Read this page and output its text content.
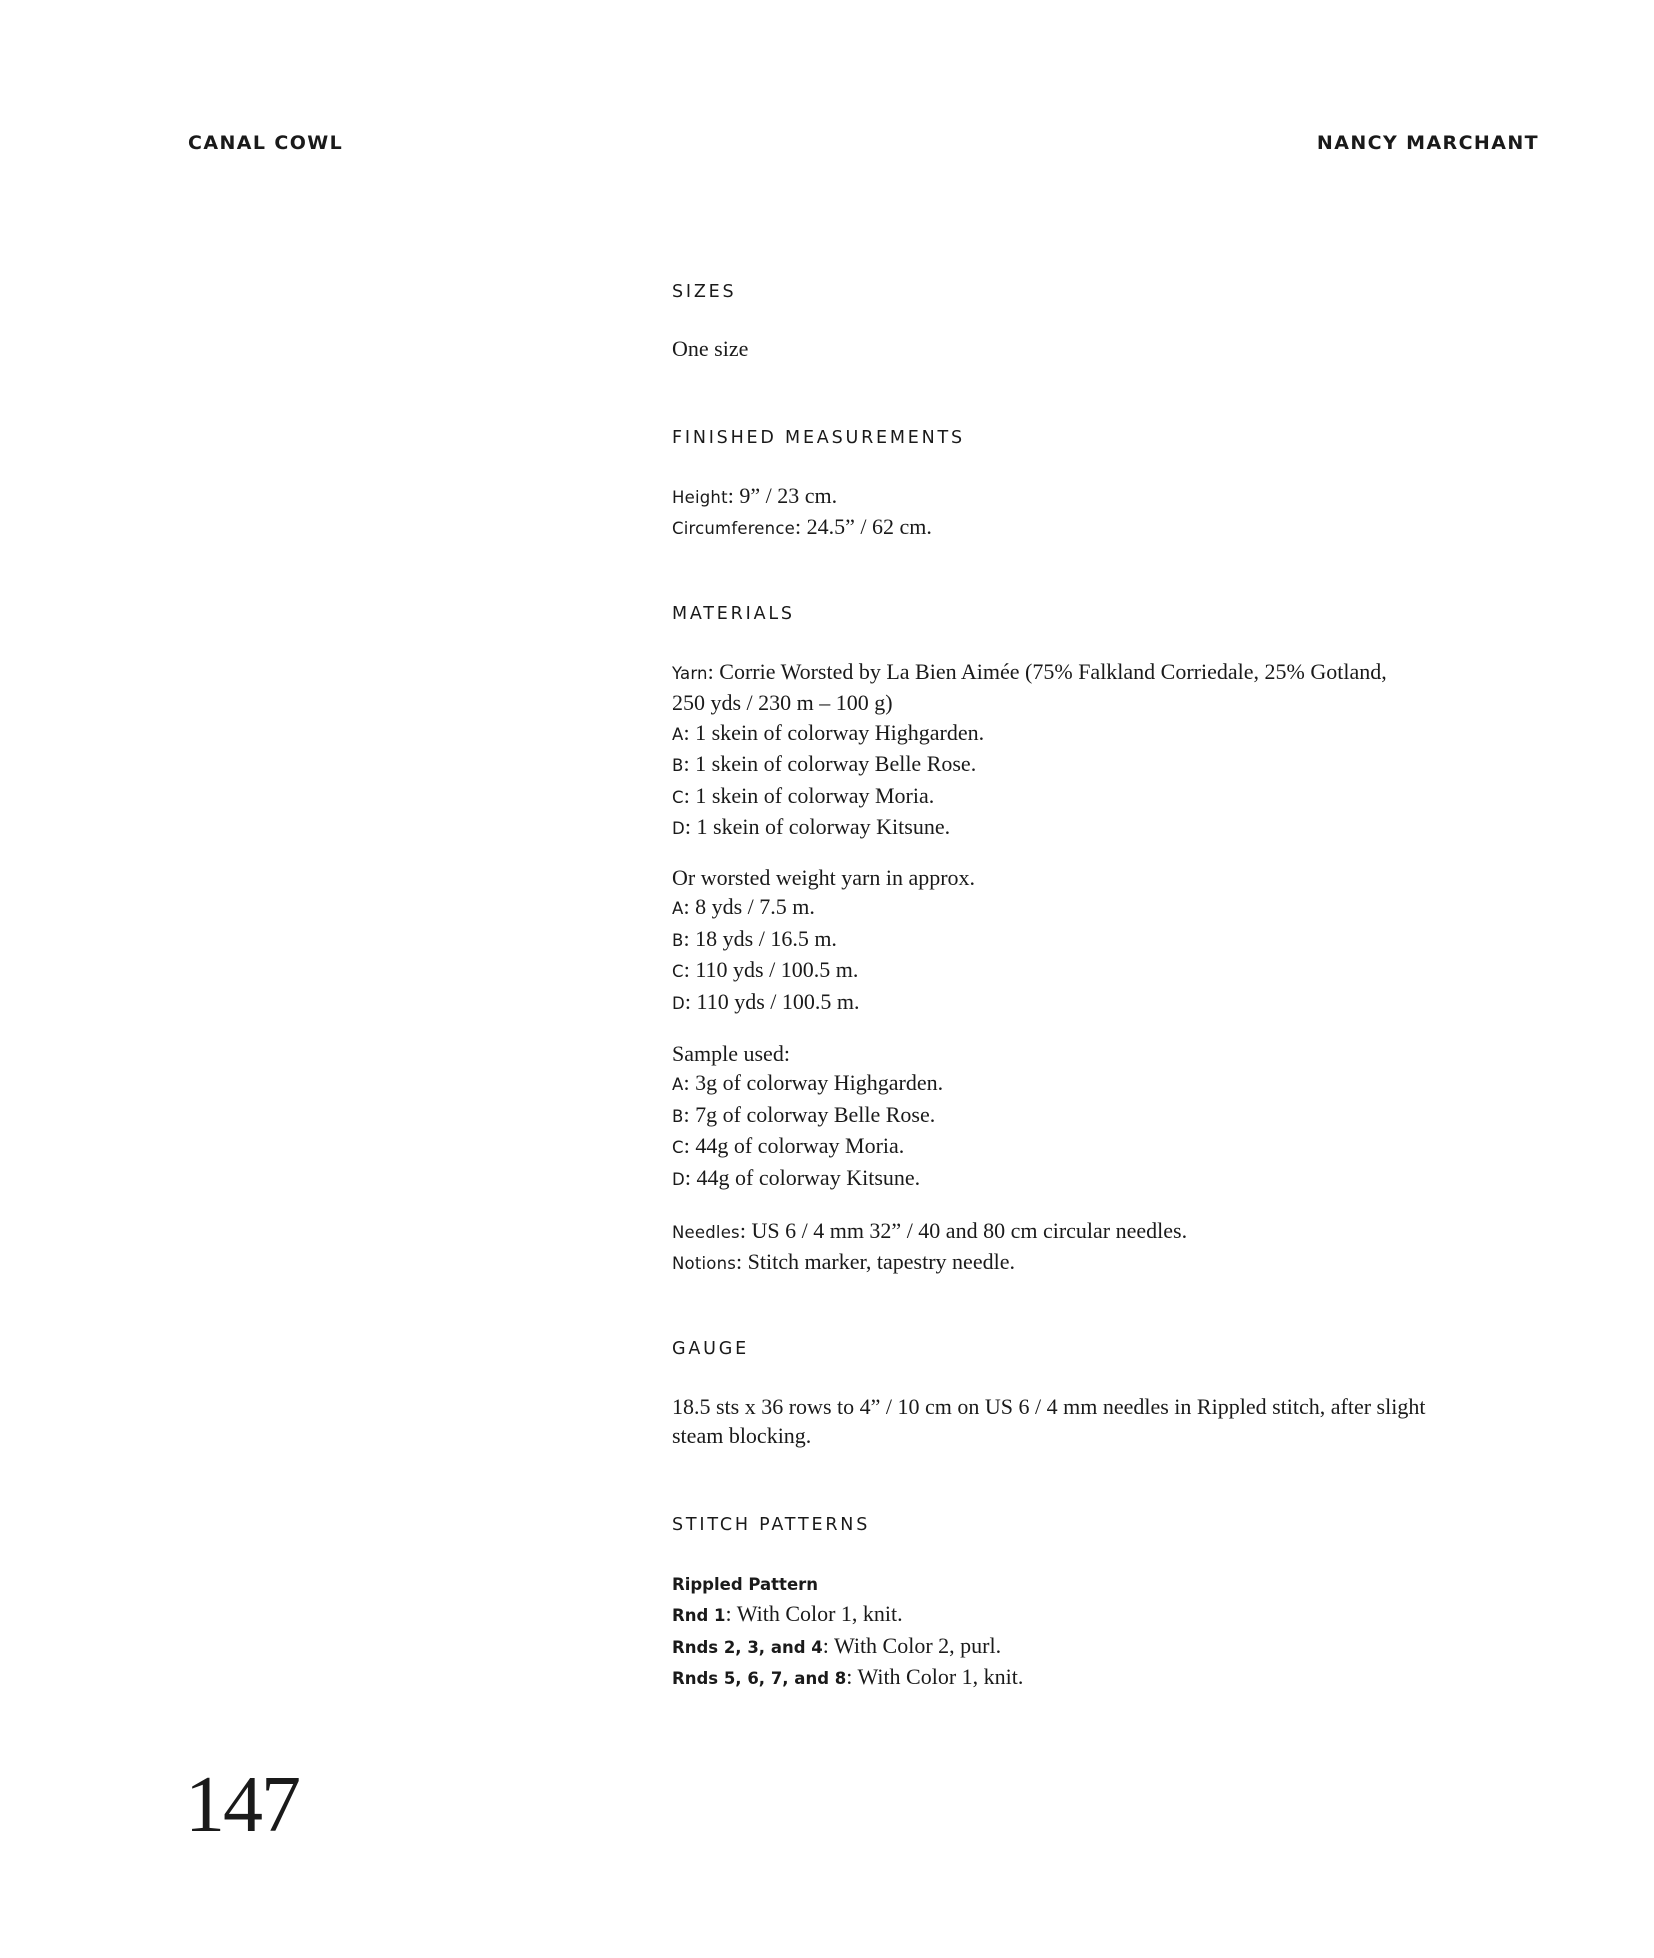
CANAL COWL	NANCY MARCHANT
SIZES
One size
FINISHED MEASUREMENTS
Height: 9” / 23 cm.
Circumference: 24.5” / 62 cm.
MATERIALS
Yarn: Corrie Worsted by La Bien Aimée (75% Falkland Corriedale, 25% Gotland,
250 yds / 230 m – 100 g)
A: 1 skein of colorway Highgarden.
B: 1 skein of colorway Belle Rose.
C: 1 skein of colorway Moria.
D: 1 skein of colorway Kitsune.
Or worsted weight yarn in approx.
A: 8 yds / 7.5 m.
B: 18 yds / 16.5 m.
C: 110 yds / 100.5 m.
D: 110 yds / 100.5 m.
Sample used:
A: 3g of colorway Highgarden.
B: 7g of colorway Belle Rose.
C: 44g of colorway Moria.
D: 44g of colorway Kitsune.
Needles: US 6 / 4 mm 32” / 40 and 80 cm circular needles.
Notions: Stitch marker, tapestry needle.
GAUGE
18.5 sts x 36 rows to 4” / 10 cm on US 6 / 4 mm needles in Rippled stitch, after slight
steam blocking.
STITCH PATTERNS
Rippled Pattern
Rnd 1: With Color 1, knit.
Rnds 2, 3, and 4: With Color 2, purl.
Rnds 5, 6, 7, and 8: With Color 1, knit.
147
